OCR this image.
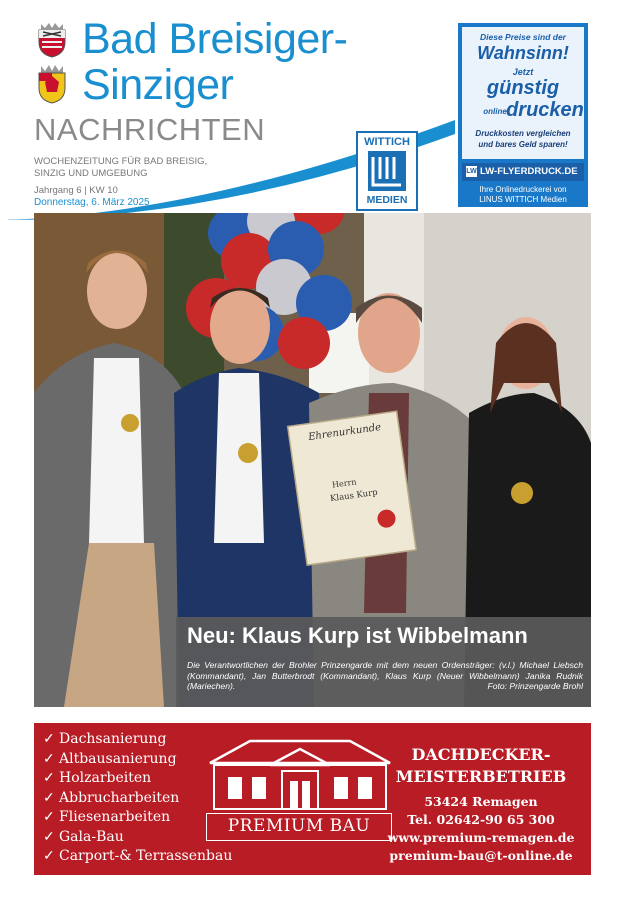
Bad Breisiger-
Sinziger
NACHRICHTEN
WOCHENZEITUNG FÜR BAD BREISIG,
SINZIG UND UMGEBUNG
Jahrgang 6 | KW 10
Donnerstag, 6. März 2025
WITTICH
MEDIEN
Diese Preise sind der
Wahnsinn!
Jetzt
günstig
online drucken
Druckkosten vergleichen
und bares Geld sparen!
LW LW-FLYERDRUCK.DE
Ihre Onlinedruckerei von
LINUS WITTICH Medien
Ehrenurkunde
Herrn
Klaus Kurp
Neu: Klaus Kurp ist Wibbelmann
Die Verantwortlichen der Brohler Prinzengarde mit dem neuen Ordensträger: (v.l.) Michael Liebsch (Kommandant), Jan Butterbrodt (Kommandant), Klaus Kurp (Neuer Wibbelmann) Janika Rudnik (Mariechen).	Foto: Prinzengarde Brohl
✓ Dachsanierung
✓ Altbausanierung
✓ Holzarbeiten
✓ Abbrucharbeiten
✓ Fliesenarbeiten
✓ Gala-Bau
✓ Carport-& Terrassenbau
PREMIUM BAU
DACHDECKER-
MEISTERBETRIEB
53424 Remagen
Tel. 02642-90 65 300
www.premium-remagen.de
premium-bau@t-online.de
